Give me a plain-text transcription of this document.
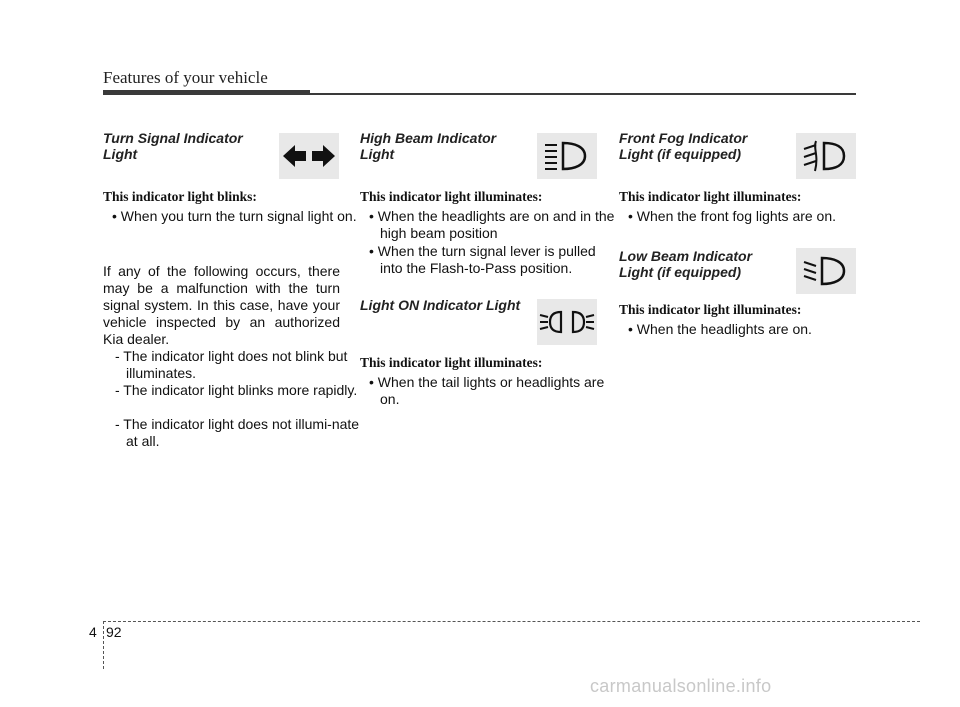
Features of your vehicle
Turn Signal Indicator
Light
This indicator light blinks:
• When you turn the turn signal light on.
If any of the following occurs, there may be a malfunction with the turn signal system. In this case, have your vehicle inspected by an authorized Kia dealer.
- The indicator light does not blink but illuminates.
- The indicator light blinks more rapidly.
- The indicator light does not illumi-nate at all.
High Beam Indicator
Light
This indicator light illuminates:
• When the headlights are on and in the high beam position
• When the turn signal lever is pulled into the Flash-to-Pass position.
Light ON Indicator Light
This indicator light illuminates:
• When the tail lights or headlights are on.
Front Fog Indicator
Light (if equipped)
This indicator light illuminates:
• When the front fog lights are on.
Low Beam Indicator
Light (if equipped)
This indicator light illuminates:
• When the headlights are on.
4 92
carmanualsonline.info
